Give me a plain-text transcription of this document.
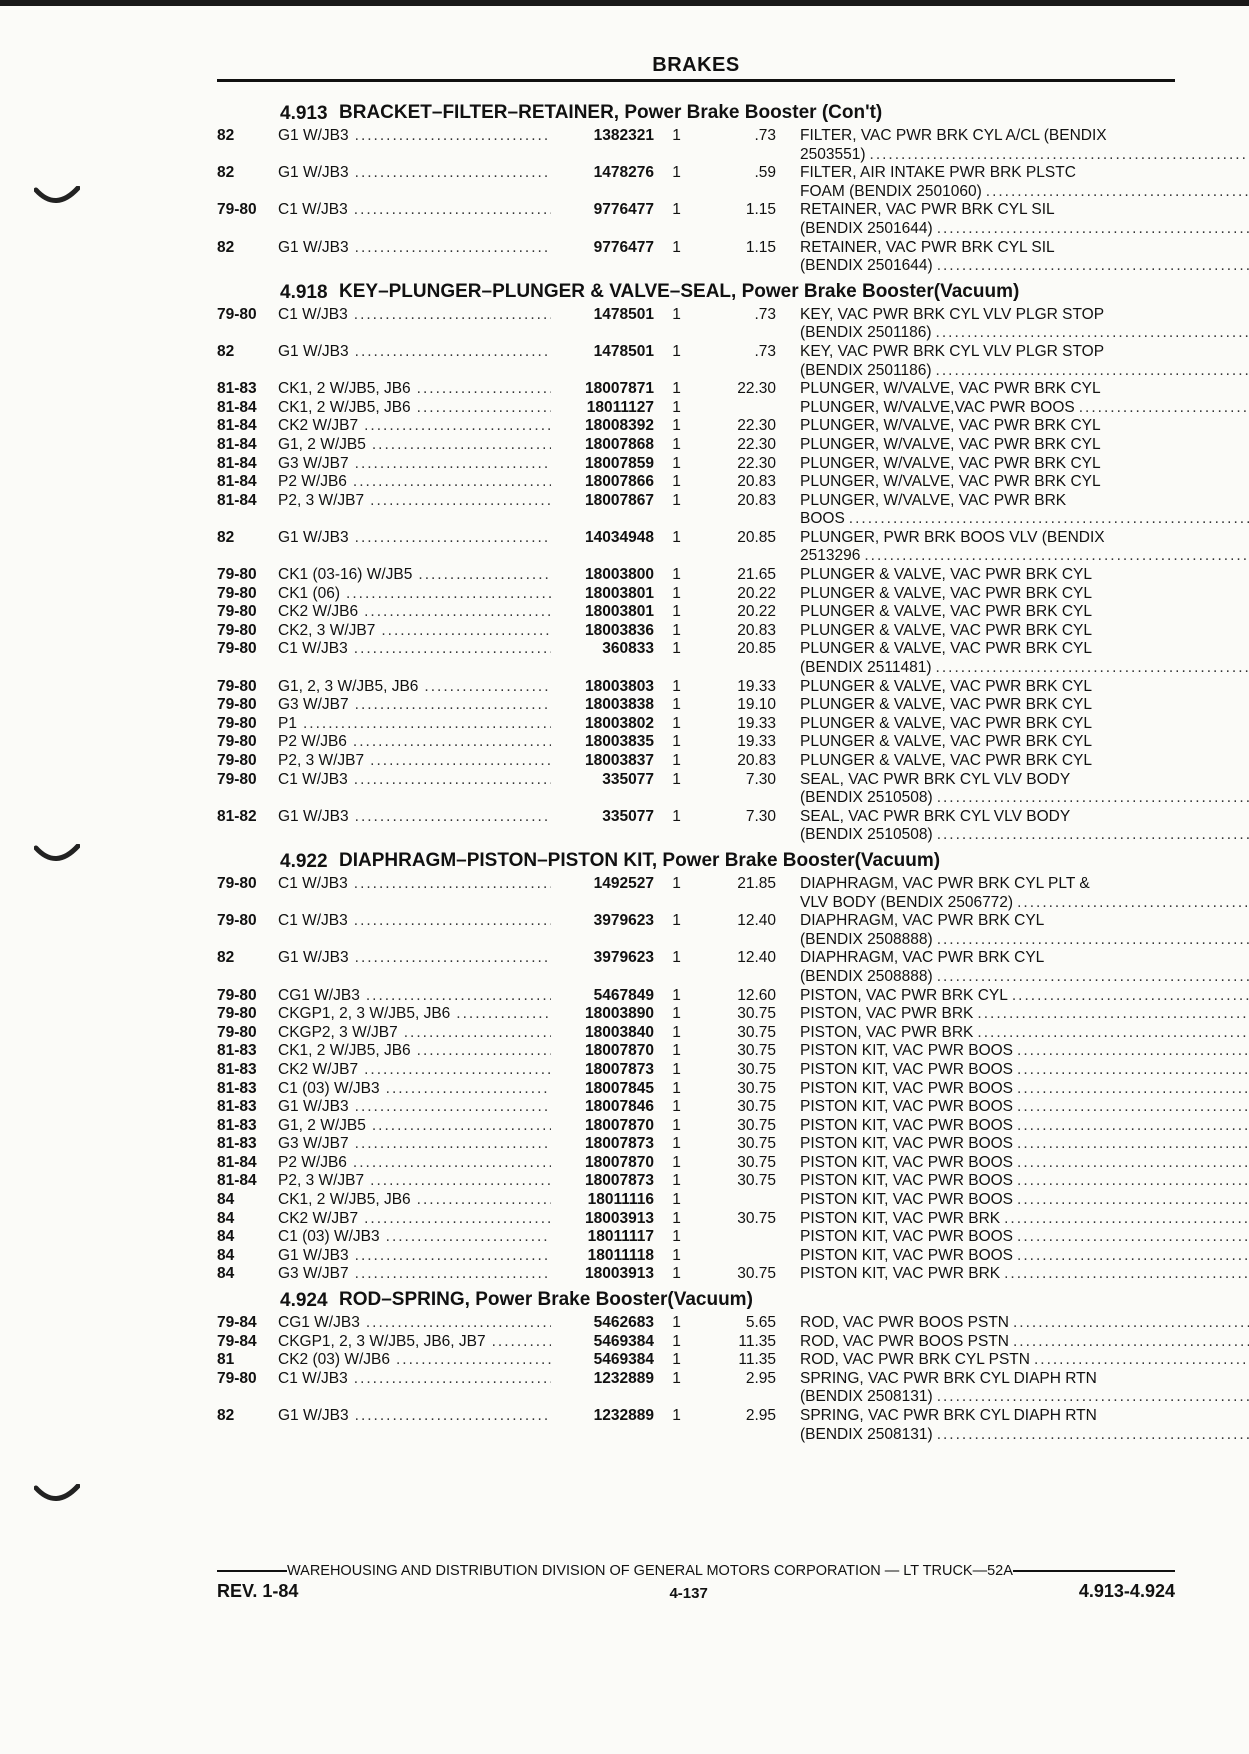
BRAKES
4.913 BRACKET–FILTER–RETAINER, Power Brake Booster (Con't)
82	G1 W/JB3 .....	1382321	1	.73 FILTER, VAC PWR BRK CYL A/CL (BENDIX
2503551)
.....
82	G1 W/JB3 .....	1478276	1	.59 FILTER, AIR INTAKE PWR BRK PLSTC
FOAM (BENDIX 2501060)
.....
79-80	C1 W/JB3 .....	9776477	1	1.15 RETAINER, VAC PWR BRK CYL SIL
(BENDIX 2501644)
.....
82	G1 W/JB3 .....	9776477	1	1.15 RETAINER, VAC PWR BRK CYL SIL
(BENDIX 2501644)
.....
4.918 KEY–PLUNGER–PLUNGER & VALVE–SEAL, Power Brake Booster(Vacuum)
79-80	C1 W/JB3 .....	1478501	1	.73 KEY, VAC PWR BRK CYL VLV PLGR STOP
(BENDIX 2501186)
.....
82	G1 W/JB3 .....	1478501	1	.73 KEY, VAC PWR BRK CYL VLV PLGR STOP
(BENDIX 2501186)
.....
81-83	CK1, 2 W/JB5, JB6 .....	18007871	1	22.30 PLUNGER, W/VALVE, VAC PWR BRK CYL
81-84	CK1, 2 W/JB5, JB6 .....	18011127	1	PLUNGER, W/VALVE,VAC PWR BOOS
.....
81-84	CK2 W/JB7 .....	18008392	1	22.30 PLUNGER, W/VALVE, VAC PWR BRK CYL
81-84	G1, 2 W/JB5 .....	18007868	1	22.30 PLUNGER, W/VALVE, VAC PWR BRK CYL
81-84	G3 W/JB7 .....	18007859	1	22.30 PLUNGER, W/VALVE, VAC PWR BRK CYL
81-84	P2 W/JB6 .....	18007866	1	20.83 PLUNGER, W/VALVE, VAC PWR BRK CYL
81-84	P2, 3 W/JB7 .....	18007867	1	20.83 PLUNGER, W/VALVE, VAC PWR BRK
BOOS
.....
82	G1 W/JB3 .....	14034948	1	20.85 PLUNGER, PWR BRK BOOS VLV (BENDIX
2513296
.....
79-80	CK1 (03-16) W/JB5 .....	18003800	1	21.65 PLUNGER & VALVE, VAC PWR BRK CYL
79-80	CK1 (06) .....	18003801	1	20.22 PLUNGER & VALVE, VAC PWR BRK CYL
79-80	CK2 W/JB6 .....	18003801	1	20.22 PLUNGER & VALVE, VAC PWR BRK CYL
79-80	CK2, 3 W/JB7 .....	18003836	1	20.83 PLUNGER & VALVE, VAC PWR BRK CYL
79-80	C1 W/JB3 .....	360833	1	20.85 PLUNGER & VALVE, VAC PWR BRK CYL
(BENDIX 2511481)
.....
79-80	G1, 2, 3 W/JB5, JB6 .....	18003803	1	19.33 PLUNGER & VALVE, VAC PWR BRK CYL
79-80	G3 W/JB7 .....	18003838	1	19.10 PLUNGER & VALVE, VAC PWR BRK CYL
79-80	P1 .....	18003802	1	19.33 PLUNGER & VALVE, VAC PWR BRK CYL
79-80	P2 W/JB6 .....	18003835	1	19.33 PLUNGER & VALVE, VAC PWR BRK CYL
79-80	P2, 3 W/JB7 .....	18003837	1	20.83 PLUNGER & VALVE, VAC PWR BRK CYL
79-80	C1 W/JB3 .....	335077	1	7.30 SEAL, VAC PWR BRK CYL VLV BODY
(BENDIX 2510508)
.....
81-82	G1 W/JB3 .....	335077	1	7.30 SEAL, VAC PWR BRK CYL VLV BODY
(BENDIX 2510508)
.....
4.922 DIAPHRAGM–PISTON–PISTON KIT, Power Brake Booster(Vacuum)
79-80	C1 W/JB3 .....	1492527	1	21.85 DIAPHRAGM, VAC PWR BRK CYL PLT &
VLV BODY (BENDIX 2506772)
.....
79-80	C1 W/JB3 .....	3979623	1	12.40 DIAPHRAGM, VAC PWR BRK CYL
(BENDIX 2508888)
.....
82	G1 W/JB3 .....	3979623	1	12.40 DIAPHRAGM, VAC PWR BRK CYL
(BENDIX 2508888)
.....
79-80	CG1 W/JB3 .....	5467849	1	12.60 PISTON, VAC PWR BRK CYL
.....
79-80	CKGP1, 2, 3 W/JB5, JB6 .....	18003890	1	30.75 PISTON, VAC PWR BRK
.....
79-80	CKGP2, 3 W/JB7 .....	18003840	1	30.75 PISTON, VAC PWR BRK
.....
81-83	CK1, 2 W/JB5, JB6 .....	18007870	1	30.75 PISTON KIT, VAC PWR BOOS
.....
81-83	CK2 W/JB7 .....	18007873	1	30.75 PISTON KIT, VAC PWR BOOS
.....
81-83	C1 (03) W/JB3 .....	18007845	1	30.75 PISTON KIT, VAC PWR BOOS
.....
81-83	G1 W/JB3 .....	18007846	1	30.75 PISTON KIT, VAC PWR BOOS
.....
81-83	G1, 2 W/JB5 .....	18007870	1	30.75 PISTON KIT, VAC PWR BOOS
.....
81-83	G3 W/JB7 .....	18007873	1	30.75 PISTON KIT, VAC PWR BOOS
.....
81-84	P2 W/JB6 .....	18007870	1	30.75 PISTON KIT, VAC PWR BOOS
.....
81-84	P2, 3 W/JB7 .....	18007873	1	30.75 PISTON KIT, VAC PWR BOOS
.....
84	CK1, 2 W/JB5, JB6 .....	18011116	1	PISTON KIT, VAC PWR BOOS
.....
84	CK2 W/JB7 .....	18003913	1	30.75 PISTON KIT, VAC PWR BRK
.....
84	C1 (03) W/JB3 .....	18011117	1	PISTON KIT, VAC PWR BOOS
.....
84	G1 W/JB3 .....	18011118	1	PISTON KIT, VAC PWR BOOS
.....
84	G3 W/JB7 .....	18003913	1	30.75 PISTON KIT, VAC PWR BRK
.....
4.924 ROD–SPRING, Power Brake Booster(Vacuum)
79-84	CG1 W/JB3 .....	5462683	1	5.65 ROD, VAC PWR BOOS PSTN
.....
79-84	CKGP1, 2, 3 W/JB5, JB6, JB7 .....	5469384	1	11.35 ROD, VAC PWR BOOS PSTN
.....
81	CK2 (03) W/JB6 .....	5469384	1	11.35 ROD, VAC PWR BRK CYL PSTN
.....
79-80	C1 W/JB3 .....	1232889	1	2.95 SPRING, VAC PWR BRK CYL DIAPH RTN
(BENDIX 2508131)
.....
82	G1 W/JB3 .....	1232889	1	2.95 SPRING, VAC PWR BRK CYL DIAPH RTN
(BENDIX 2508131)
.....
WAREHOUSING AND DISTRIBUTION DIVISION OF GENERAL MOTORS CORPORATION — LT TRUCK—52A
REV. 1-84	4-137	4.913-4.924
